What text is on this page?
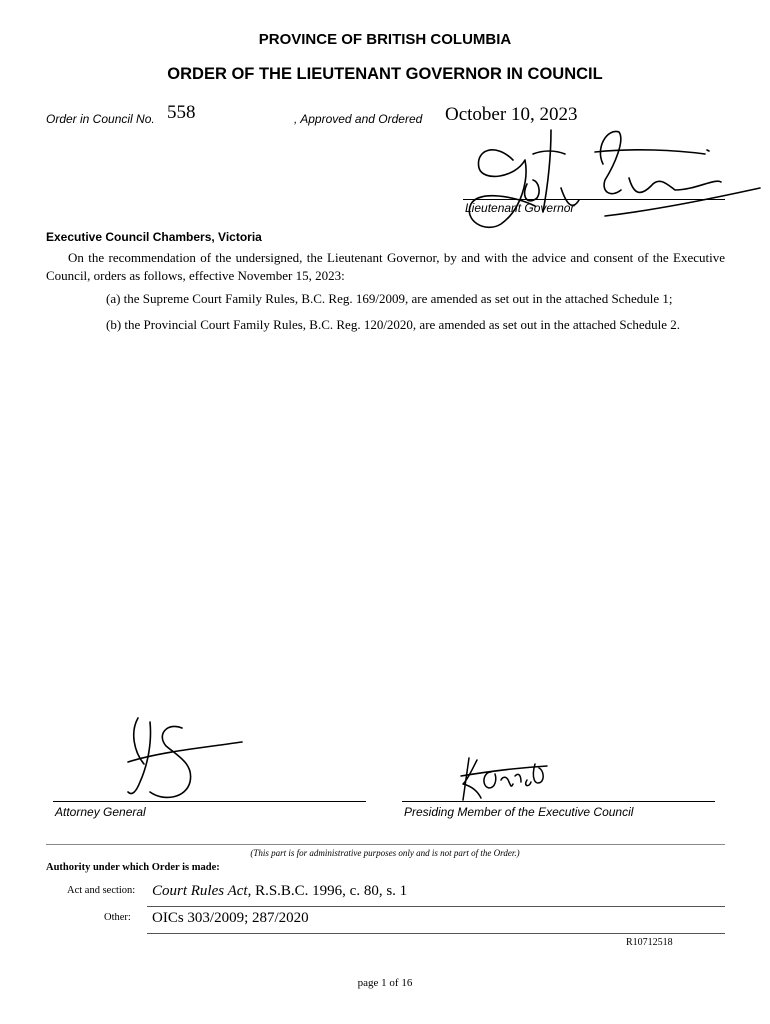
PROVINCE OF BRITISH COLUMBIA
ORDER OF THE LIEUTENANT GOVERNOR IN COUNCIL
Order in Council No. 558	, Approved and Ordered October 10, 2023
Lieutenant Governor
Executive Council Chambers, Victoria
On the recommendation of the undersigned, the Lieutenant Governor, by and with the advice and consent of the Executive Council, orders as follows, effective November 15, 2023:
(a) the Supreme Court Family Rules, B.C. Reg. 169/2009, are amended as set out in the attached Schedule 1;
(b) the Provincial Court Family Rules, B.C. Reg. 120/2020, are amended as set out in the attached Schedule 2.
Attorney General	Presiding Member of the Executive Council
(This part is for administrative purposes only and is not part of the Order.)
Authority under which Order is made:
Act and section: Court Rules Act, R.S.B.C. 1996, c. 80, s. 1
Other: OICs 303/2009; 287/2020
R10712518
page 1 of 16
